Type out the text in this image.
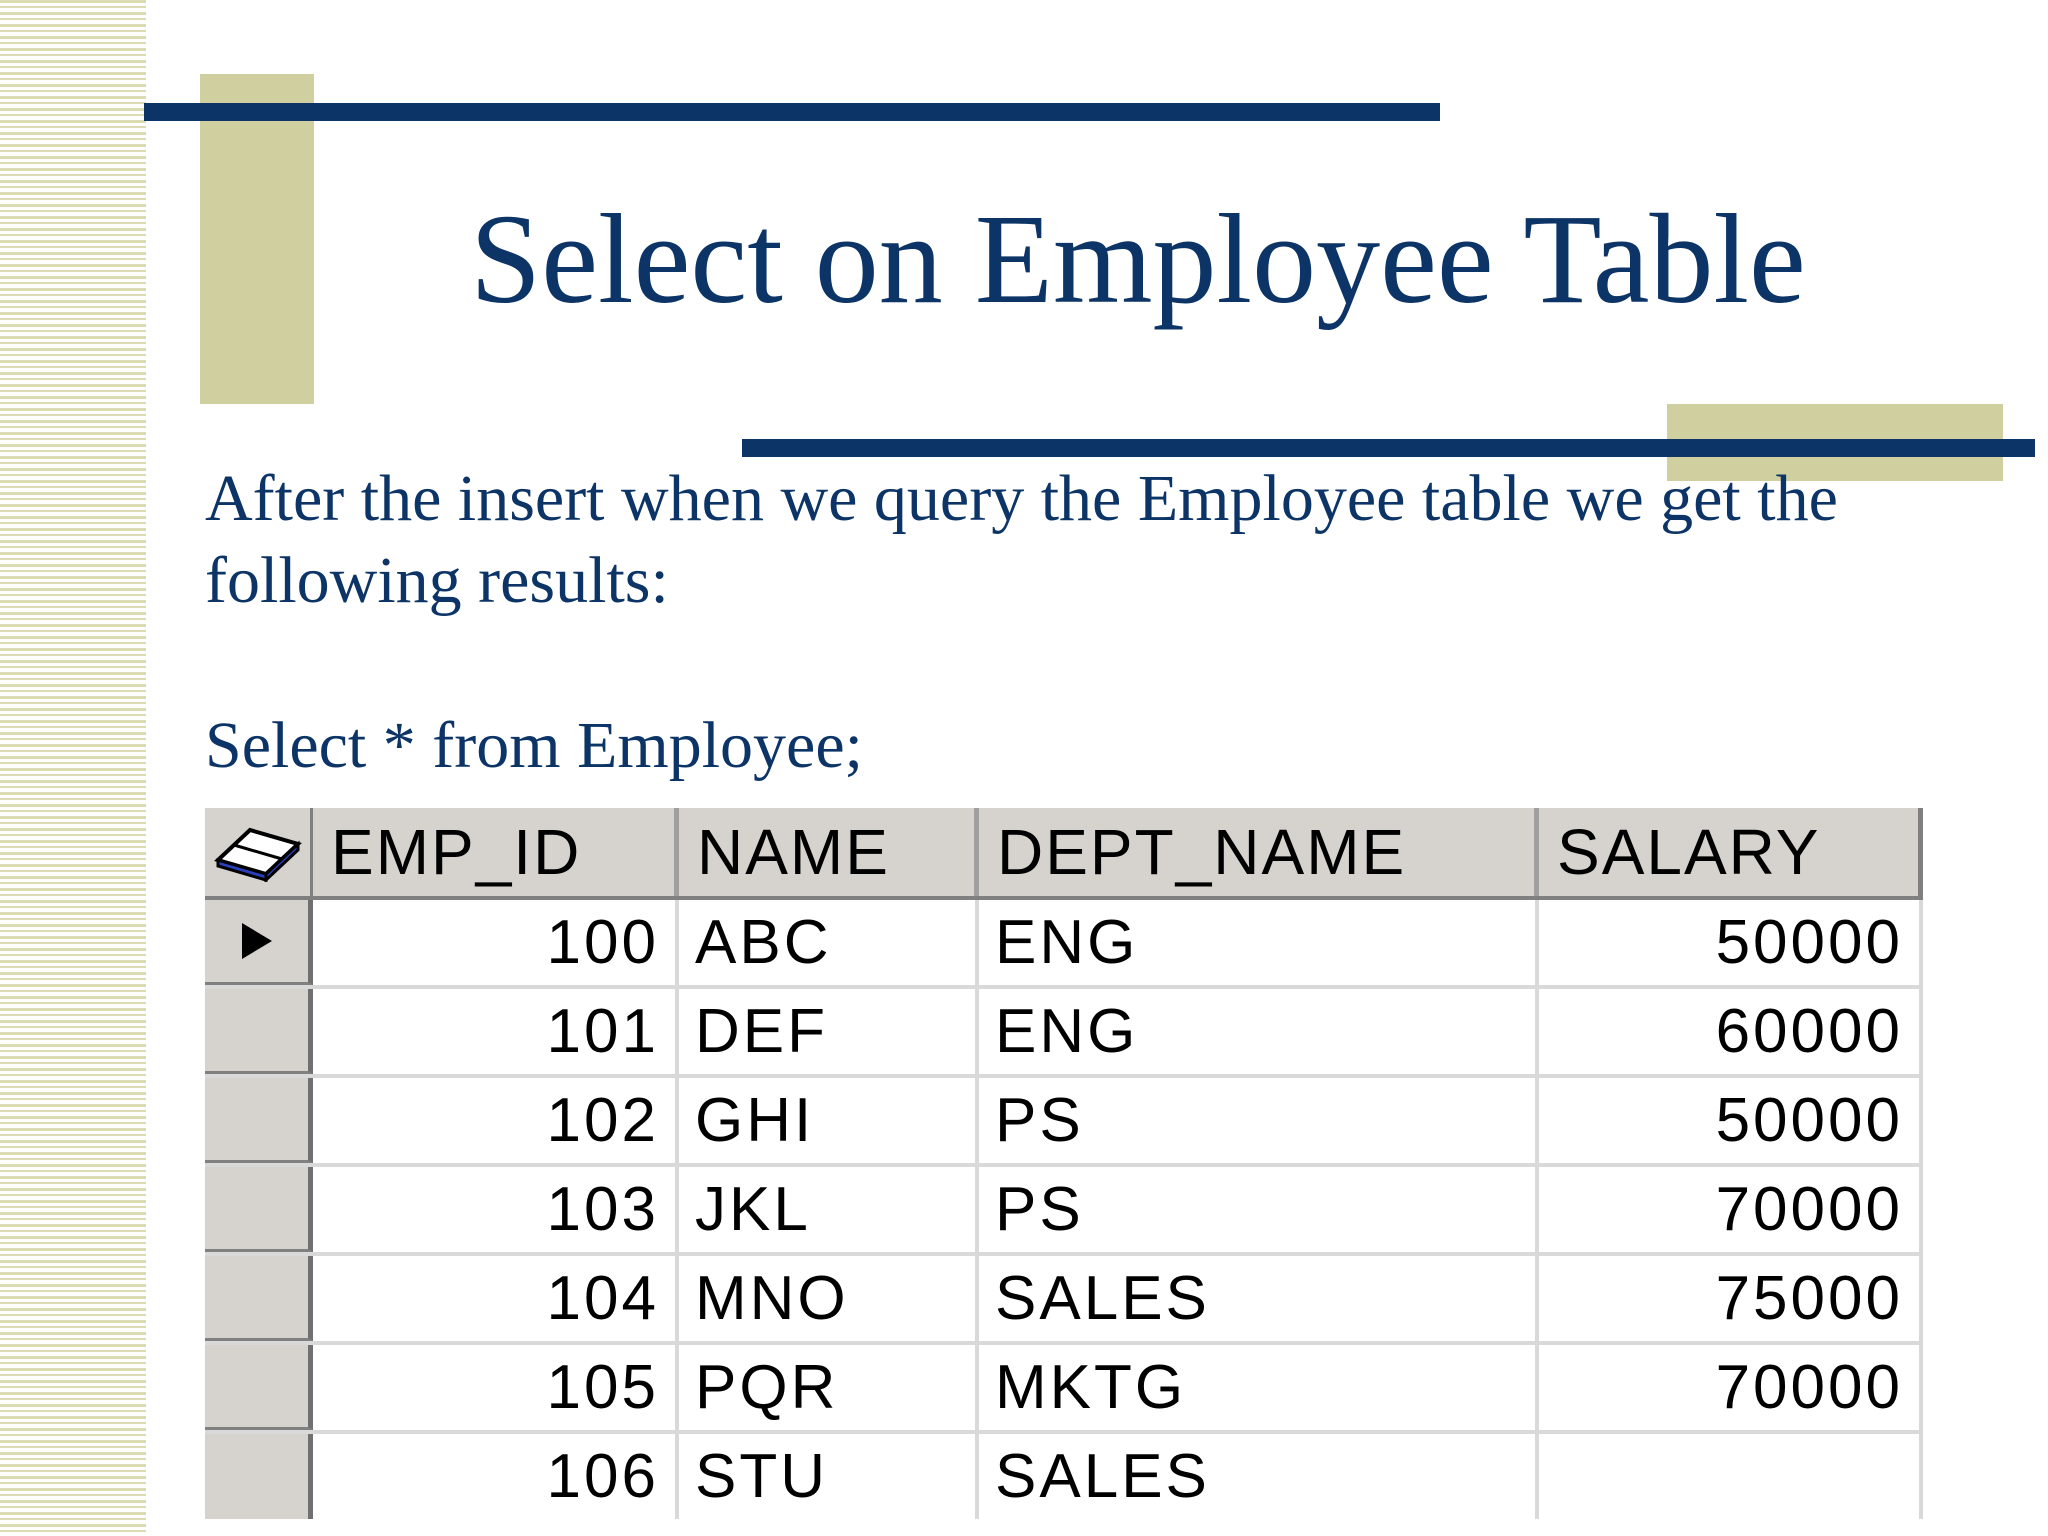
Select on Employee Table
After the insert when we query the Employee table we get the following results:
Select * from Employee;
EMP_ID	NAME	DEPT_NAME	SALARY
100 ABC	ENG	50000
101 DEF	ENG	60000
102 GHI	PS	50000
103 JKL	PS	70000
104 MNO	SALES	75000
105 PQR	MKTG	70000
106 STU	SALES
